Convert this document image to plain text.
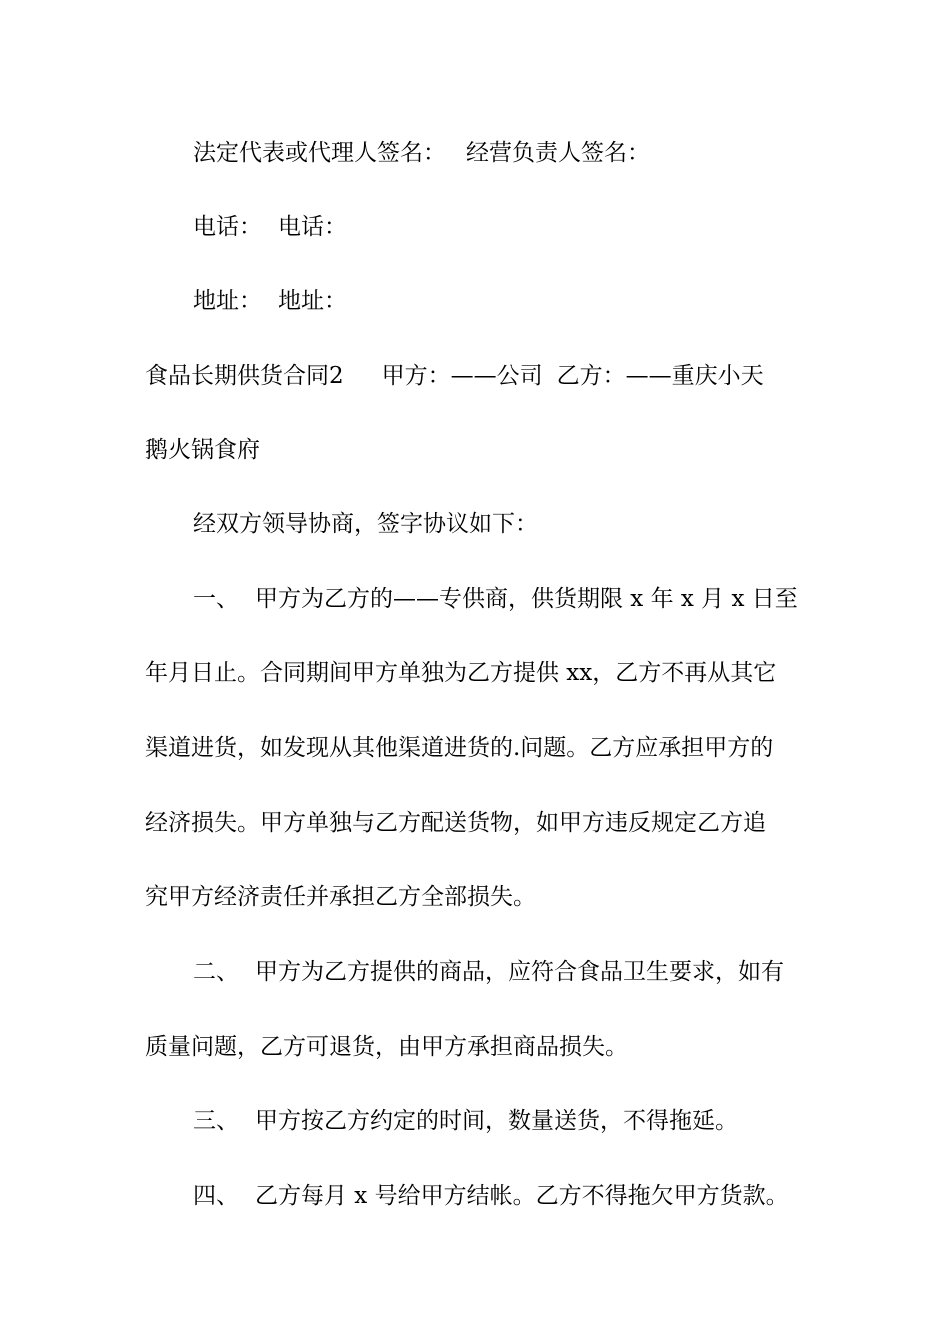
法定代表或代理人签名： 经营负责人签名：
电话： 电话：
地址： 地址：
食品长期供货合同2 甲方：——公司 乙方：——重庆小天
鹅火锅食府
经双方领导协商，签字协议如下：
一、 甲方为乙方的——专供商，供货期限 x 年 x 月 x 日至
年月日止。合同期间甲方单独为乙方提供 xx，乙方不再从其它
渠道进货，如发现从其他渠道进货的.问题。乙方应承担甲方的
经济损失。甲方单独与乙方配送货物，如甲方违反规定乙方追
究甲方经济责任并承担乙方全部损失。
二、 甲方为乙方提供的商品，应符合食品卫生要求，如有
质量问题，乙方可退货，由甲方承担商品损失。
三、 甲方按乙方约定的时间，数量送货，不得拖延。
四、 乙方每月 x 号给甲方结帐。乙方不得拖欠甲方货款。
